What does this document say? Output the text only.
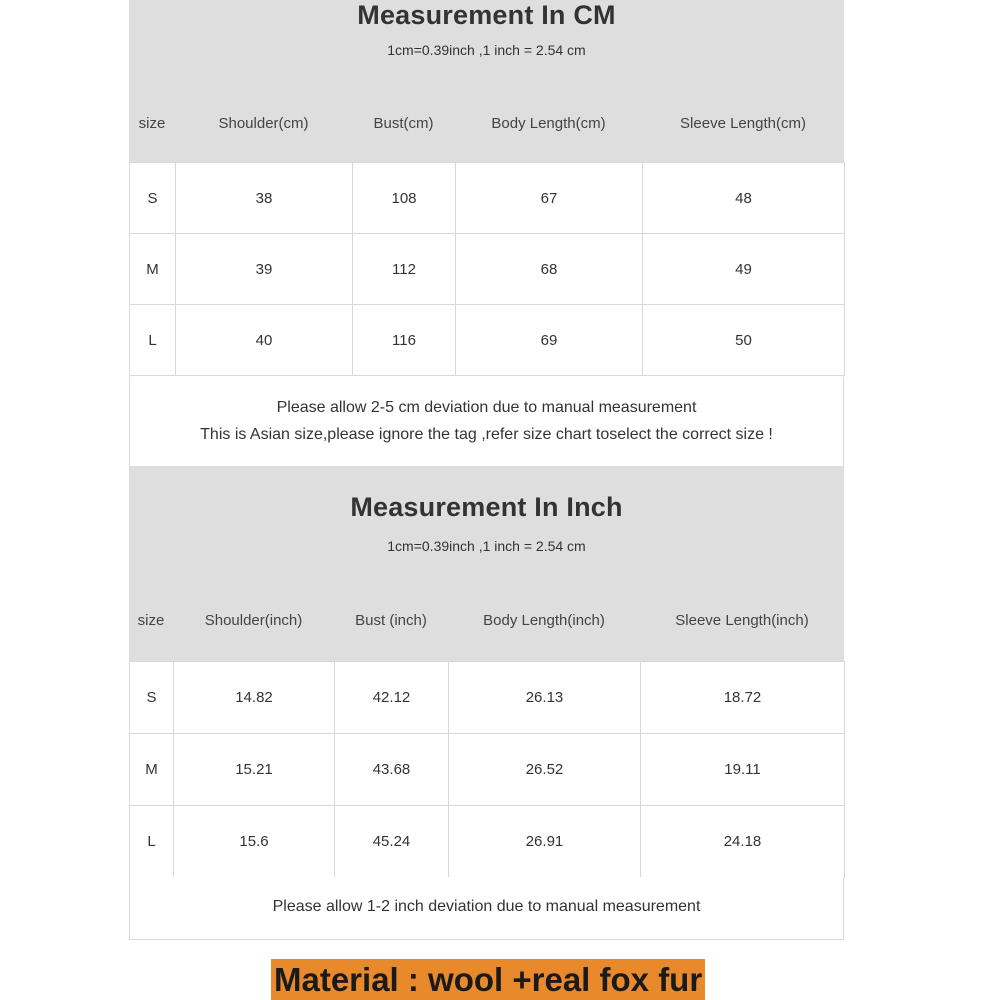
Measurement In CM
1cm=0.39inch ,1 inch = 2.54 cm
size	Shoulder(cm)	Bust(cm)	Body Length(cm)	Sleeve Length(cm)
S	38	108	67	48
M	39	112	68	49
L	40	116	69	50
Please allow 2-5 cm deviation due to manual measurement
This is Asian size,please ignore the tag ,refer size chart toselect the correct size !
Measurement In Inch
1cm=0.39inch ,1 inch = 2.54 cm
size	Shoulder(inch)	Bust (inch)	Body Length(inch)	Sleeve Length(inch)
S	14.82	42.12	26.13	18.72
M	15.21	43.68	26.52	19.11
L	15.6	45.24	26.91	24.18
Please allow 1-2 inch deviation due to manual measurement
Material : wool +real fox fur
